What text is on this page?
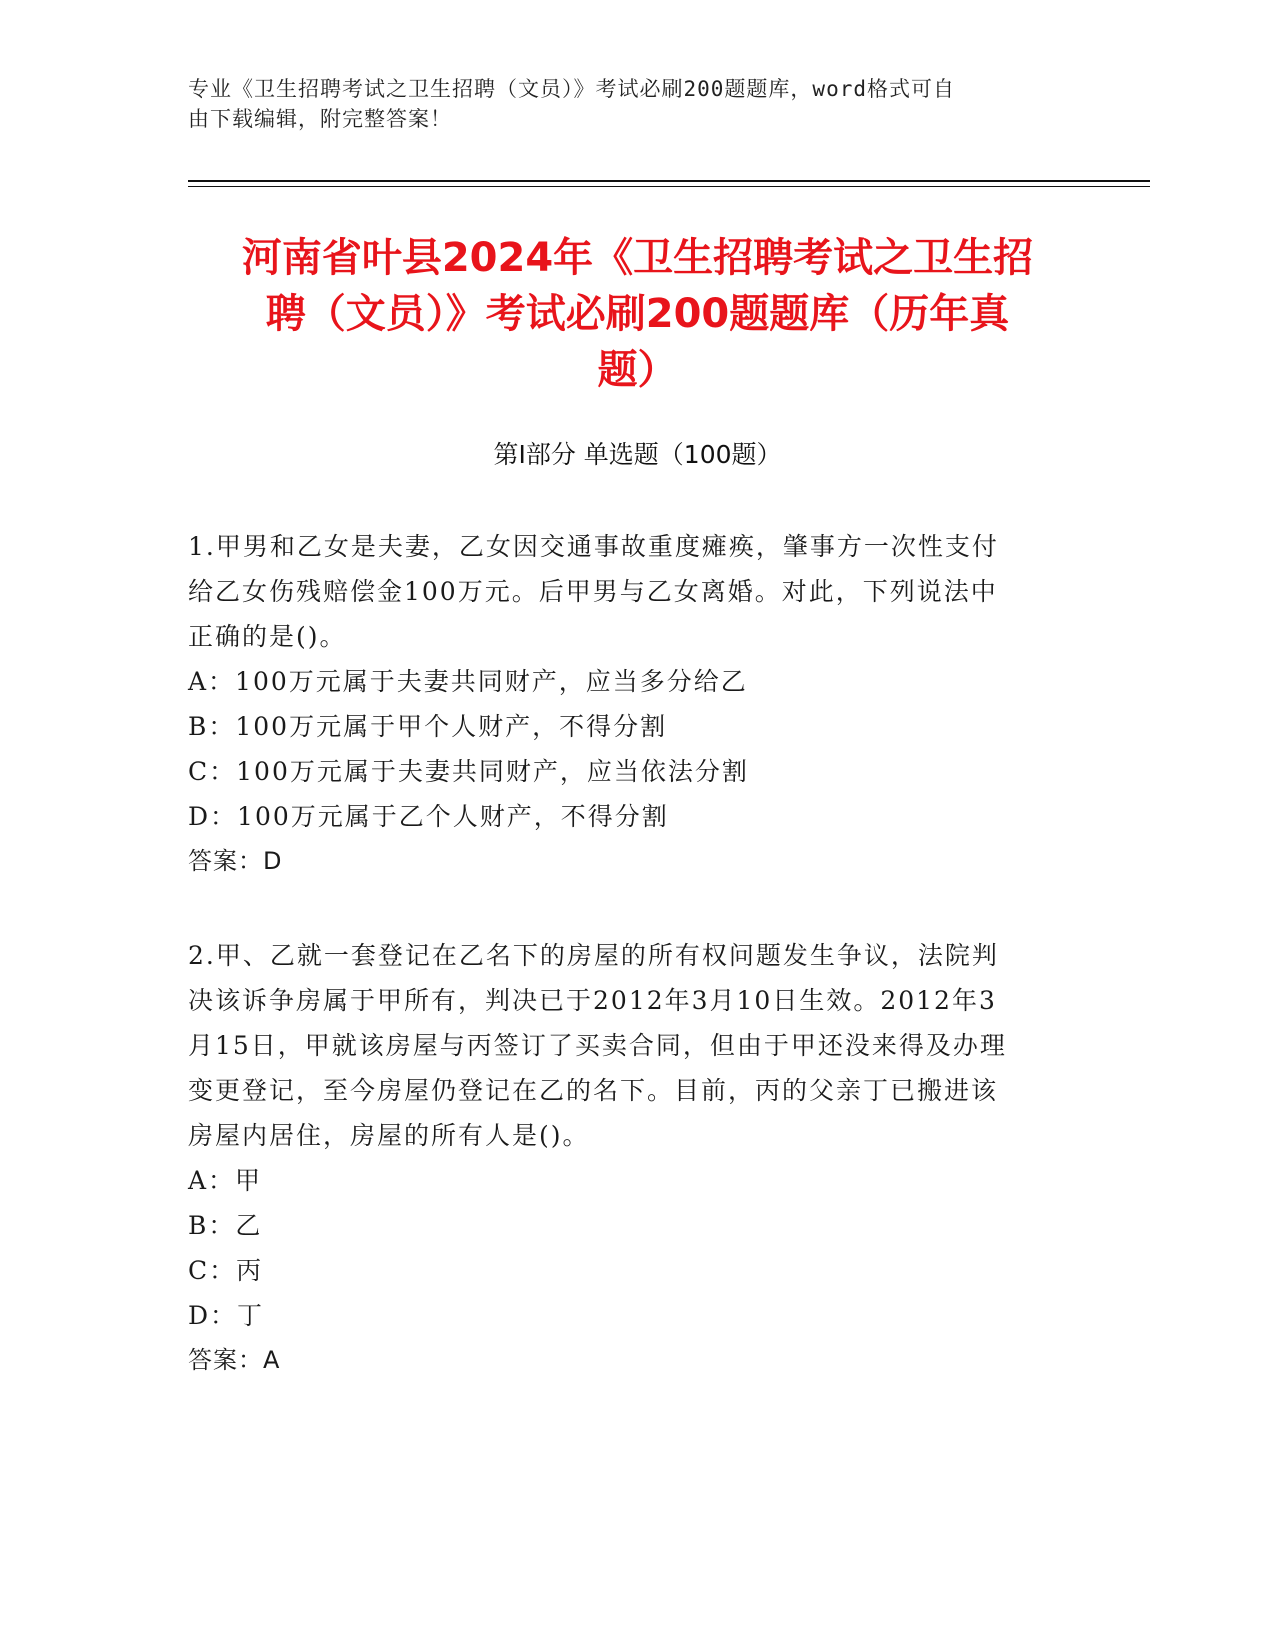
专业《卫生招聘考试之卫生招聘（文员）》考试必刷200题题库，word格式可自
由下载编辑，附完整答案！
河南省叶县2024年《卫生招聘考试之卫生招
聘（文员）》考试必刷200题题库（历年真
题）
第Ⅰ部分 单选题（100题）

1.甲男和乙女是夫妻，乙女因交通事故重度瘫痪，肇事方一次性支付

给乙女伤残赔偿金100万元。后甲男与乙女离婚。对此，下列说法中

正确的是()。

A：100万元属于夫妻共同财产，应当多分给乙

B：100万元属于甲个人财产，不得分割

C：100万元属于夫妻共同财产，应当依法分割

D：100万元属于乙个人财产，不得分割

答案：D

2.甲、乙就一套登记在乙名下的房屋的所有权问题发生争议，法院判

决该诉争房属于甲所有，判决已于2012年3月10日生效。2012年3

月15日，甲就该房屋与丙签订了买卖合同，但由于甲还没来得及办理

变更登记，至今房屋仍登记在乙的名下。目前，丙的父亲丁已搬进该

房屋内居住，房屋的所有人是()。

A：甲

B：乙

C：丙

D：丁

答案：A
